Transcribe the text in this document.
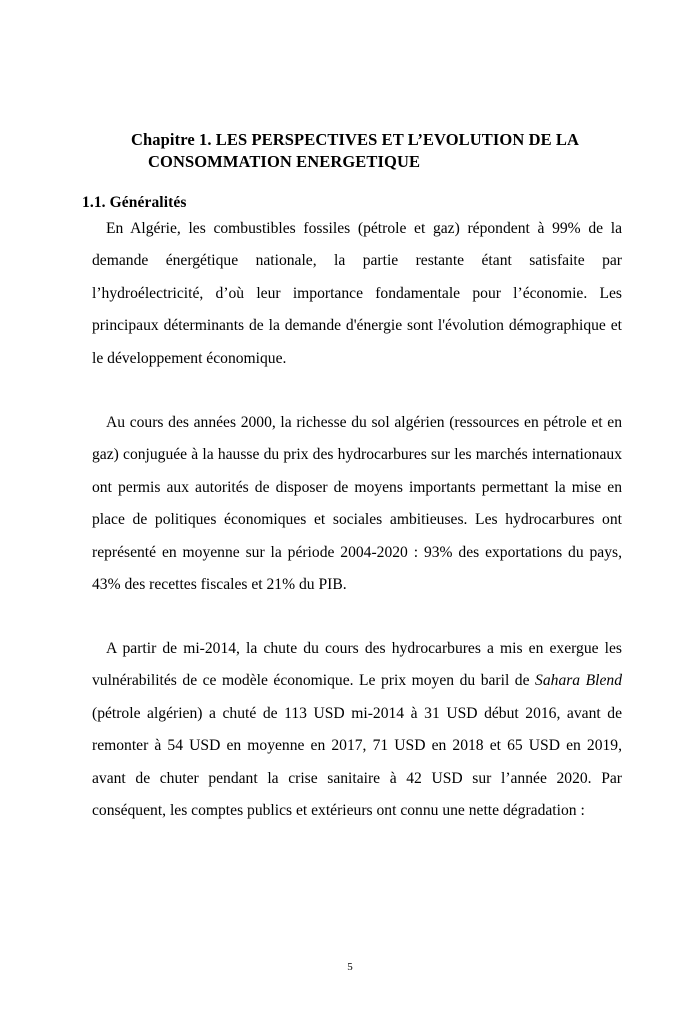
Chapitre 1. LES PERSPECTIVES ET L’EVOLUTION DE LA CONSOMMATION ENERGETIQUE
1.1. Généralités

En Algérie, les combustibles fossiles (pétrole et gaz) répondent à 99% de la demande énergétique nationale, la partie restante étant satisfaite par l’hydroélectricité, d’où leur importance fondamentale pour l’économie. Les principaux déterminants de la demande d'énergie sont l'évolution démographique et le développement économique.

Au cours des années 2000, la richesse du sol algérien (ressources en pétrole et en gaz) conjuguée à la hausse du prix des hydrocarbures sur les marchés internationaux ont permis aux autorités de disposer de moyens importants permettant la mise en place de politiques économiques et sociales ambitieuses. Les hydrocarbures ont représenté en moyenne sur la période 2004-2020 : 93% des exportations du pays, 43% des recettes fiscales et 21% du PIB.

A partir de mi-2014, la chute du cours des hydrocarbures a mis en exergue les vulnérabilités de ce modèle économique. Le prix moyen du baril de Sahara Blend (pétrole algérien) a chuté de 113 USD mi-2014 à 31 USD début 2016, avant de remonter à 54 USD en moyenne en 2017, 71 USD en 2018 et 65 USD en 2019, avant de chuter pendant la crise sanitaire à 42 USD sur l’année 2020. Par conséquent, les comptes publics et extérieurs ont connu une nette dégradation :

5
